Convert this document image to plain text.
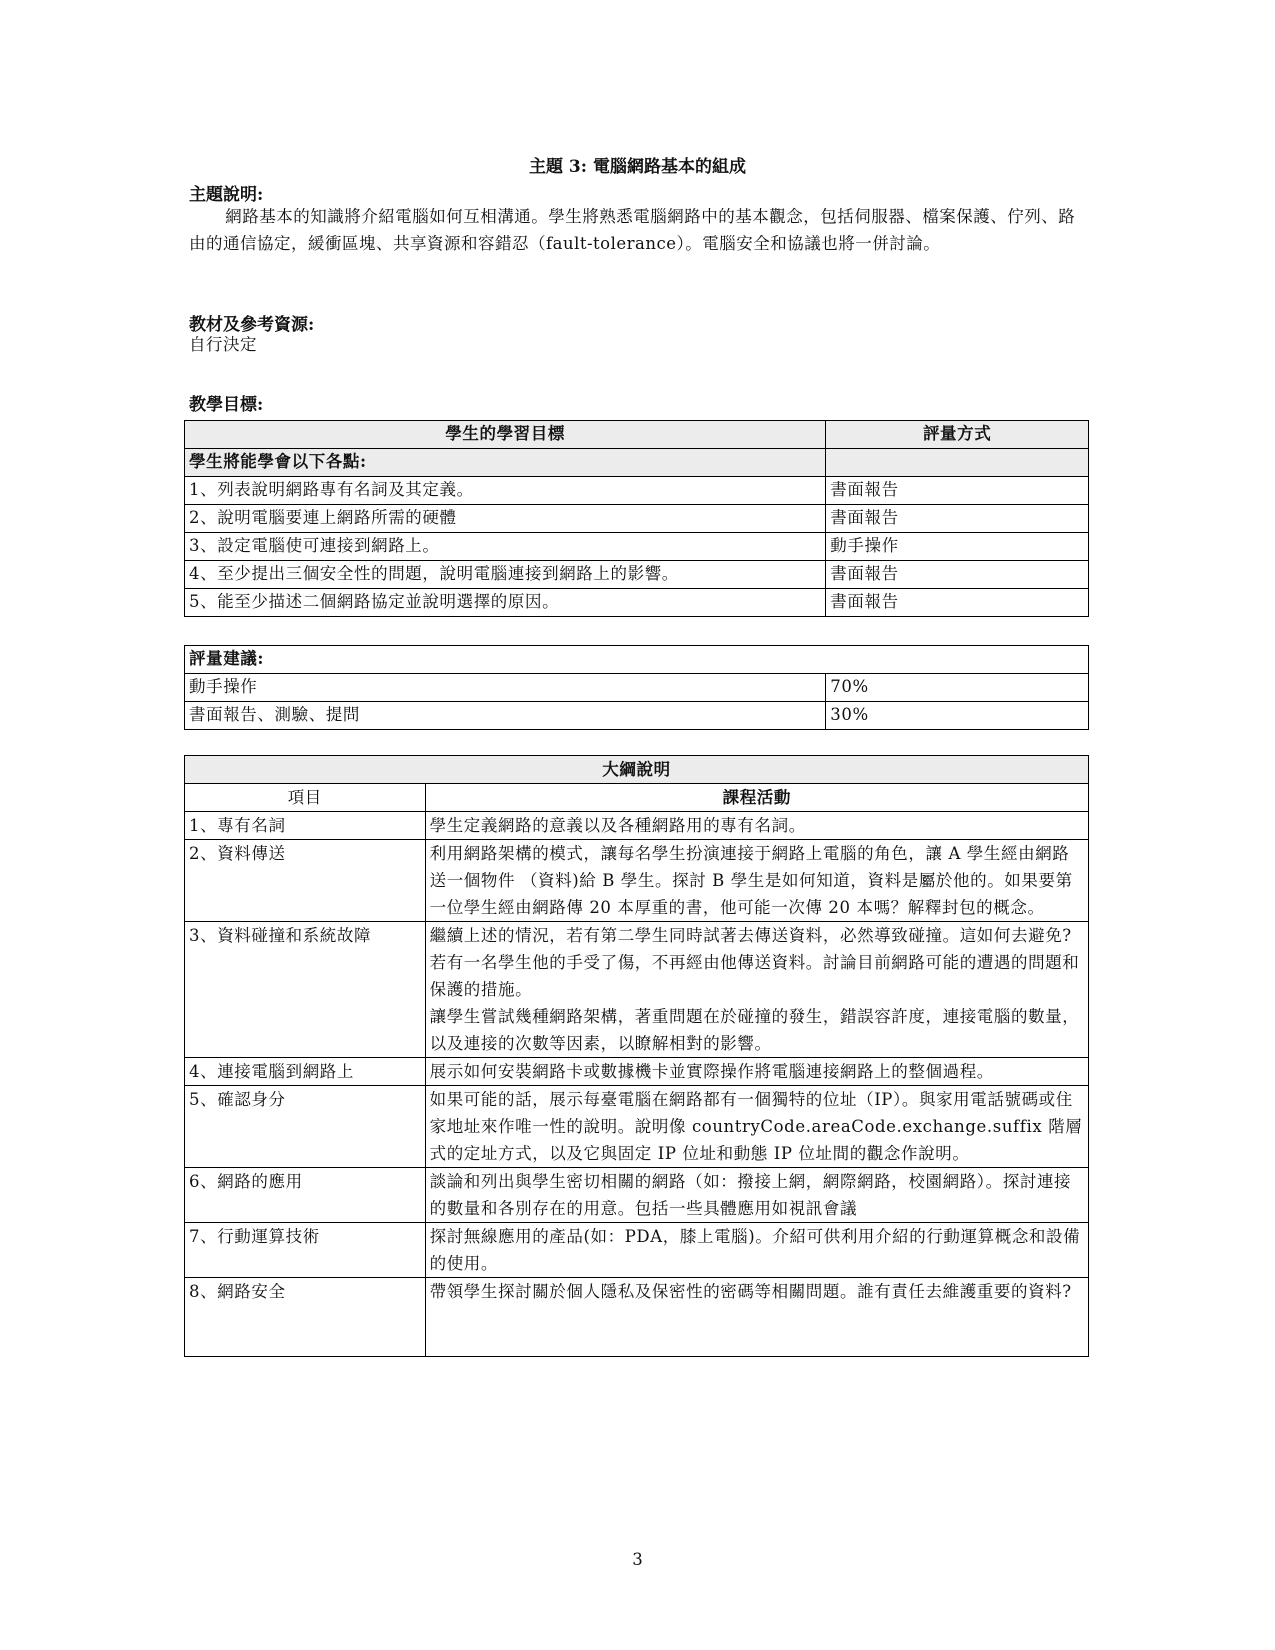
主題 3: 電腦網路基本的組成
主題說明:
網路基本的知識將介紹電腦如何互相溝通。學生將熟悉電腦網路中的基本觀念，包括伺服器、檔案保護、佇列、路由的通信協定，緩衝區塊、共享資源和容錯忍（fault-tolerance）。電腦安全和協議也將一併討論。
教材及參考資源:
自行決定
教學目標:
學生的學習目標	評量方式
學生將能學會以下各點:	
1、列表說明網路專有名詞及其定義。	書面報告
2、說明電腦要連上網路所需的硬體	書面報告
3、設定電腦使可連接到網路上。	動手操作
4、至少提出三個安全性的問題，說明電腦連接到網路上的影響。	書面報告
5、能至少描述二個網路協定並說明選擇的原因。	書面報告
評量建議:	
動手操作	70%
書面報告、測驗、提問	30%
大綱說明	
項目	課程活動
1、專有名詞	學生定義網路的意義以及各種網路用的專有名詞。

2、資料傳送	利用網路架構的模式，讓每名學生扮演連接于網路上電腦的角色，讓 A 學生經由網路送一個物件 （資料)給 B 學生。探討 B 學生是如何知道，資料是屬於他的。如果要第一位學生經由網路傳 20 本厚重的書，他可能一次傳 20 本嗎？解釋封包的概念。

3、資料碰撞和系統故障	繼續上述的情況，若有第二學生同時試著去傳送資料，必然導致碰撞。這如何去避免?
若有一名學生他的手受了傷，不再經由他傳送資料。討論目前網路可能的遭遇的問題和保護的措施。
讓學生嘗試幾種網路架構，著重問題在於碰撞的發生，錯誤容許度，連接電腦的數量，以及連接的次數等因素，以瞭解相對的影響。

4、連接電腦到網路上	展示如何安裝網路卡或數據機卡並實際操作將電腦連接網路上的整個過程。

5、確認身分	如果可能的話，展示每臺電腦在網路都有一個獨特的位址（IP）。與家用電話號碼或住家地址來作唯一性的說明。說明像 countryCode.areaCode.exchange.suffix 階層式的定址方式，以及它與固定 IP 位址和動態 IP 位址間的觀念作說明。

6、網路的應用	談論和列出與學生密切相關的網路（如：撥接上網，網際網路，校園網路）。探討連接的數量和各別存在的用意。包括一些具體應用如視訊會議

7、行動運算技術	探討無線應用的產品(如：PDA，膝上電腦)。介紹可供利用介紹的行動運算概念和設備的使用。

8、網路安全	帶領學生探討關於個人隱私及保密性的密碼等相關問題。誰有責任去維護重要的資料?
3
